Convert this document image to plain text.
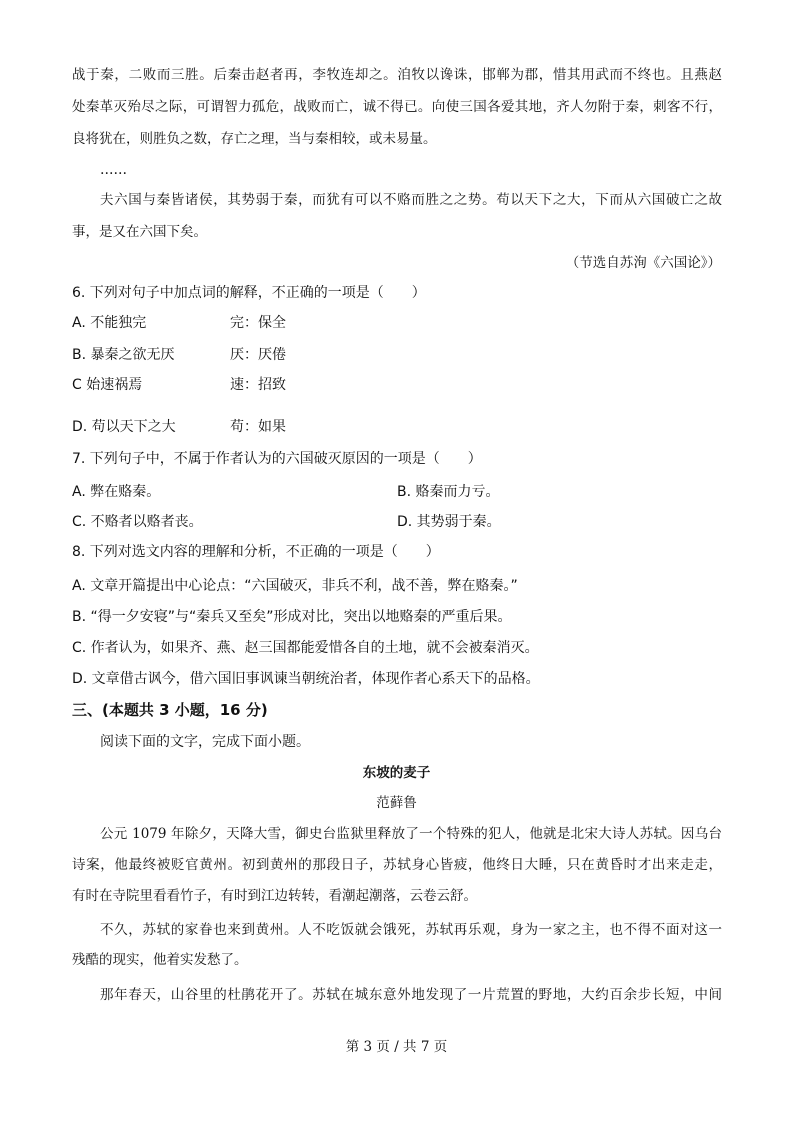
战于秦，二败而三胜。后秦击赵者再，李牧连却之。洎牧以谗诛，邯郸为郡，惜其用武而不终也。且燕赵
处秦革灭殆尽之际，可谓智力孤危，战败而亡，诚不得已。向使三国各爱其地，齐人勿附于秦，刺客不行，
良将犹在，则胜负之数，存亡之理，当与秦相较，或未易量。
……
夫六国与秦皆诸侯，其势弱于秦，而犹有可以不赂而胜之之势。苟以天下之大，下而从六国破亡之故
事，是又在六国下矣。
（节选自苏洵《六国论》）
6. 下列对句子中加点词的解释，不正确的一项是（　　）
A. 不能独完	完：保全
B. 暴秦之欲无厌	厌：厌倦
C 始速祸焉	速：招致
D. 苟以天下之大	苟：如果
7. 下列句子中，不属于作者认为的六国破灭原因的一项是（　　）
A. 弊在赂秦。	B. 赂秦而力亏。
C. 不赂者以赂者丧。	D. 其势弱于秦。
8. 下列对选文内容的理解和分析，不正确的一项是（　　）
A. 文章开篇提出中心论点：“六国破灭，非兵不利，战不善，弊在赂秦。”
B. “得一夕安寝”与“秦兵又至矣”形成对比，突出以地赂秦的严重后果。
C. 作者认为，如果齐、燕、赵三国都能爱惜各自的土地，就不会被秦消灭。
D. 文章借古讽今，借六国旧事讽谏当朝统治者，体现作者心系天下的品格。
三、(本题共 3 小题，16 分)
阅读下面的文字，完成下面小题。
东坡的麦子
范藓鲁
公元 1079 年除夕，天降大雪，御史台监狱里释放了一个特殊的犯人，他就是北宋大诗人苏轼。因乌台
诗案，他最终被贬官黄州。初到黄州的那段日子，苏轼身心皆疲，他终日大睡，只在黄昏时才出来走走，
有时在寺院里看看竹子，有时到江边转转，看潮起潮落，云卷云舒。
不久，苏轼的家眷也来到黄州。人不吃饭就会饿死，苏轼再乐观，身为一家之主，也不得不面对这一
残酷的现实，他着实发愁了。
那年春天，山谷里的杜鹃花开了。苏轼在城东意外地发现了一片荒置的野地，大约百余步长短，中间
第 3 页 / 共 7 页
